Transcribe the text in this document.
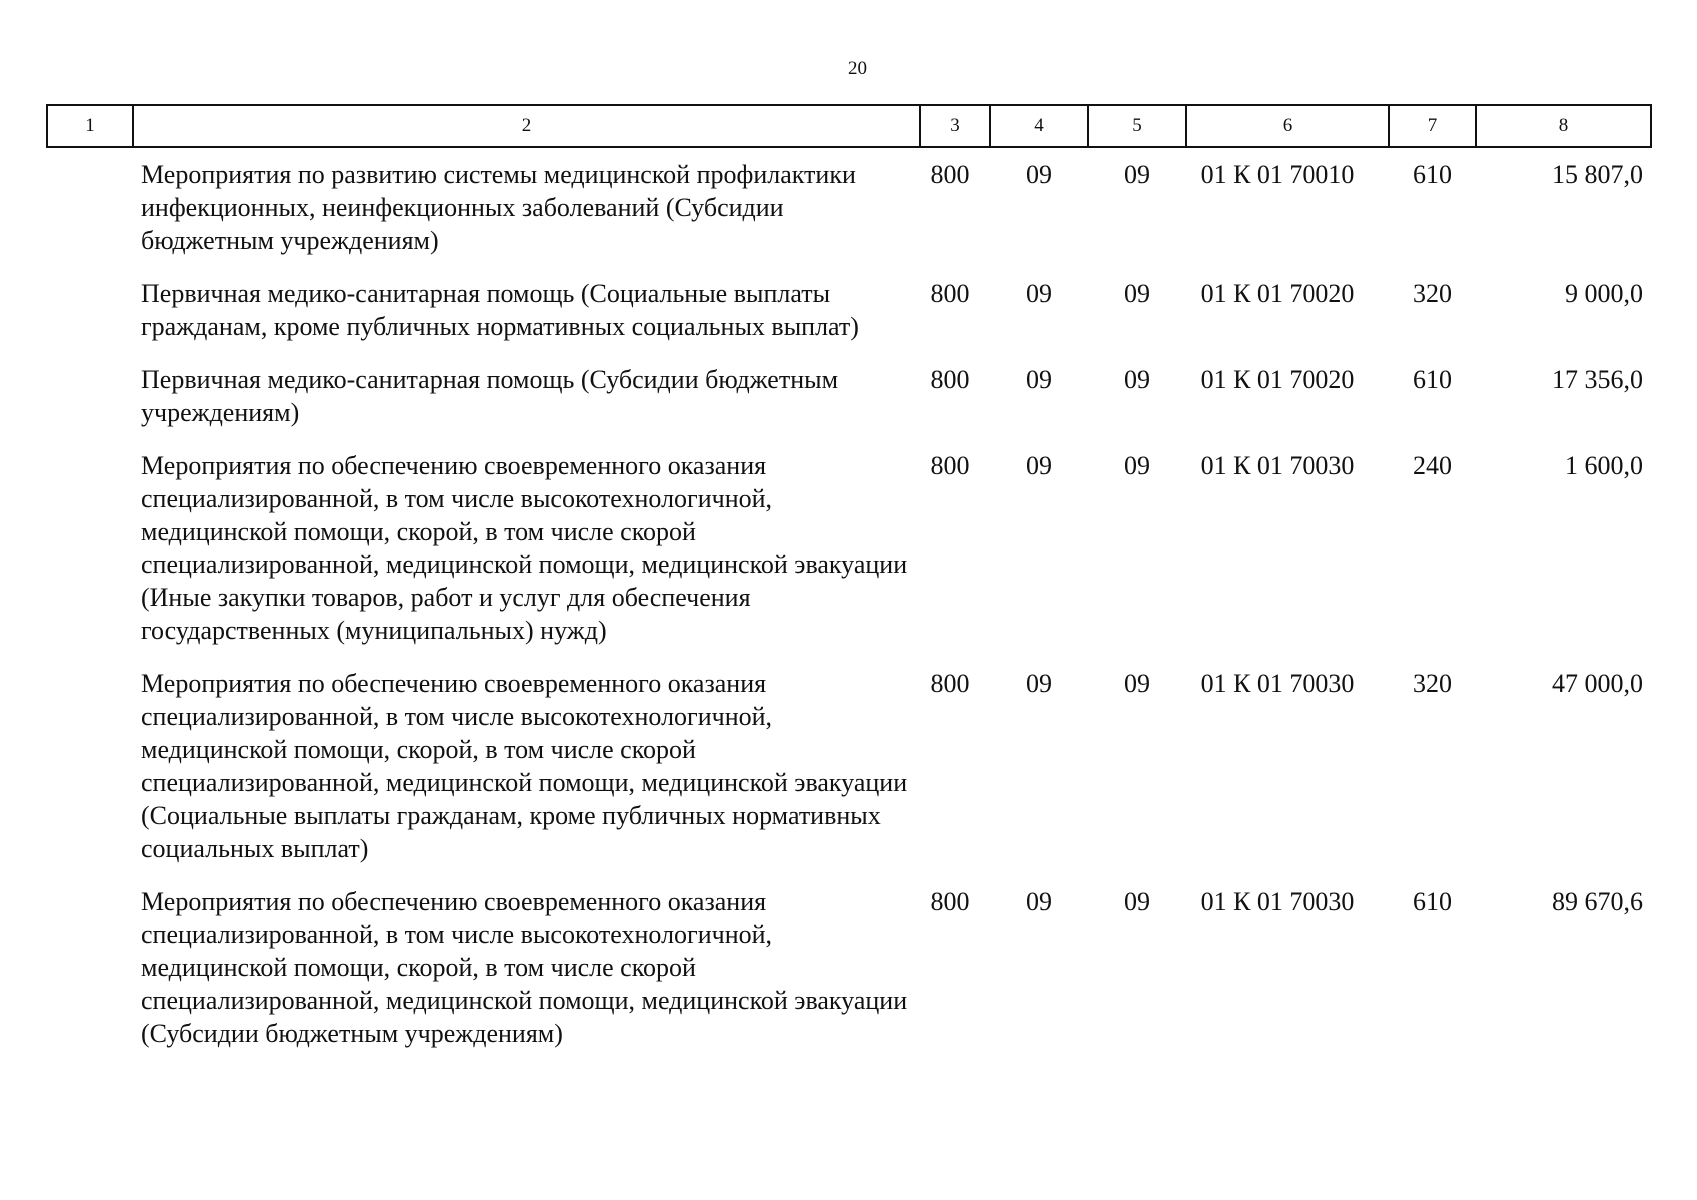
20
1	2	3	4	5	6	7	8
	Мероприятия по развитию системы медицинской профилактики инфекционных, неинфекционных заболеваний (Субсидии бюджетным учреждениям)	800	09	09	01 К 01 70010	610	15 807,0
	Первичная медико-санитарная помощь (Социальные выплаты гражданам, кроме публичных нормативных социальных выплат)	800	09	09	01 К 01 70020	320	9 000,0
	Первичная медико-санитарная помощь (Субсидии бюджетным учреждениям)	800	09	09	01 К 01 70020	610	17 356,0
	Мероприятия по обеспечению своевременного оказания специализированной, в том числе высокотехнологичной, медицинской помощи, скорой, в том числе скорой специализированной, медицинской помощи, медицинской эвакуации (Иные закупки товаров, работ и услуг для обеспечения государственных (муниципальных) нужд)	800	09	09	01 К 01 70030	240	1 600,0
	Мероприятия по обеспечению своевременного оказания специализированной, в том числе высокотехнологичной, медицинской помощи, скорой, в том числе скорой специализированной, медицинской помощи, медицинской эвакуации (Социальные выплаты гражданам, кроме публичных нормативных социальных выплат)	800	09	09	01 К 01 70030	320	47 000,0
	Мероприятия по обеспечению своевременного оказания специализированной, в том числе высокотехнологичной, медицинской помощи, скорой, в том числе скорой специализированной, медицинской помощи, медицинской эвакуации (Субсидии бюджетным учреждениям)	800	09	09	01 К 01 70030	610	89 670,6
